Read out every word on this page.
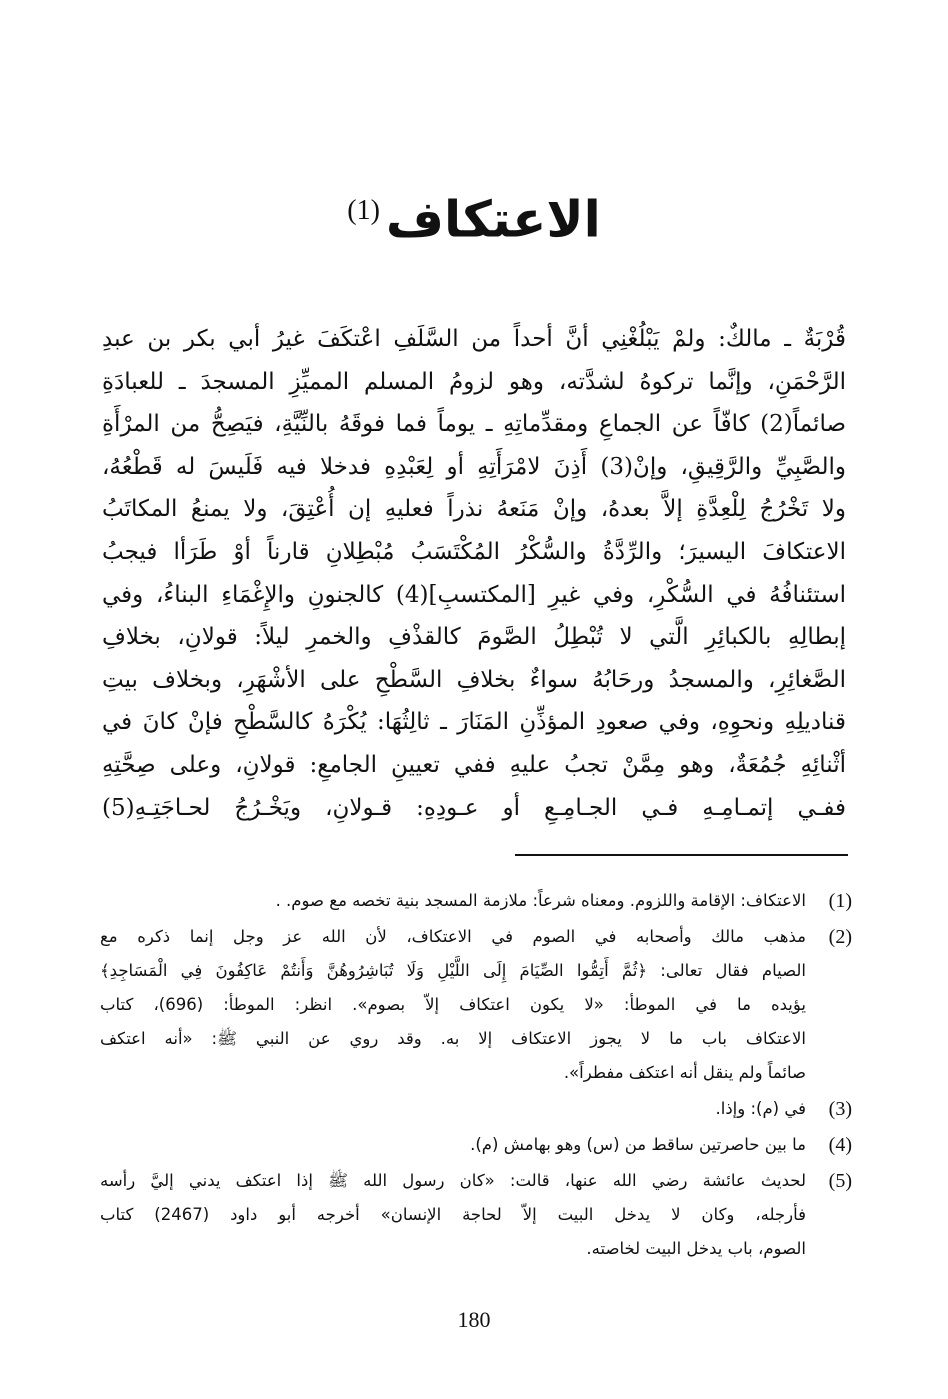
الاعتكاف$^{(1)}$
قُرْبَةٌ ـ مالكٌ: ولمْ يَبْلُغْنِي أنَّ أحداً من السَّلَفِ اعْتكَفَ غيرُ أبي بكر بن عبدِ
الرَّحْمَنِ، وإنَّما تركوهُ لشدَّته، وهو لزومُ المسلم المميِّزِ المسجدَ ـ للعبادَةِ
صائماً(2) كافّاً عن الجماعِ ومقدِّماتِهِ ـ يوماً فما فوقَهُ بالنِّيَّةِ، فيَصِحُّ من المرْأَةِ
والصَّبِيِّ والرَّقِيقِ، وإنْ(3) أَذِنَ لامْرَأَتِهِ أو لِعَبْدِهِ فدخلا فيه فَلَيسَ له قَطْعُهُ،
ولا تَخْرُجُ لِلْعِدَّةِ إلاَّ بعدهُ، وإنْ مَنَعهُ نذراً فعليهِ إن أُعْتِقَ، ولا يمنعُ المكاتَبُ
الاعتكافَ اليسيرَ؛ والرِّدَّةُ والسُّكْرُ المُكْتَسَبُ مُبْطِلانِ قارناً أوْ طَرَأا فيجبُ
استئنافُهُ في السُّكْرِ، وفي غيرِ [المكتسبِ](4) كالجنونِ والإِغْمَاءِ البناءُ، وفي
إبطالِهِ بالكبائِرِ الَّتي لا تُبْطِلُ الصَّومَ كالقذْفِ والخمرِ ليلاً: قولانِ، بخلافِ
الصَّغائِرِ، والمسجدُ ورحَابُهُ سواءٌ بخلافِ السَّطْحِ على الأشْهَرِ، وبخلاف بيتِ
قناديلِهِ ونحوِهِ، وفي صعودِ المؤذِّنِ المَنَارَ ـ ثالِثُهَا: يُكْرَهُ كالسَّطْحِ فإنْ كانَ في
أثْنائِهِ جُمُعَةٌ، وهو مِمَّنْ تجبُ عليهِ ففي تعيينِ الجامعِ: قولانِ، وعلى صِحَّتِهِ
ففـي إتمـامِـهِ فـي الجـامِـعِ أو عـودِهِ: قـولانِ، ويَخْـرُجُ لحـاجَتِـهِ(5)
(1)
الاعتكاف: الإقامة واللزوم. ومعناه شرعاً: ملازمة المسجد بنية تخصه مع صوم. .
(2)
مذهب مالك وأصحابه في الصوم في الاعتكاف، لأن الله عز وجل إنما ذكره مع
الصيام فقال تعالى: ﴿ثُمَّ أَتِمُّوا الصِّيَامَ إِلَى اللَّيْلِ وَلَا تُبَاشِرُوهُنَّ وَأَنتُمْ عَاكِفُونَ فِي الْمَسَاجِدِ﴾
يؤيده ما في الموطأ: «لا يكون اعتكاف إلاّ بصوم». انظر: الموطأ: (696)، كتاب
الاعتكاف باب ما لا يجوز الاعتكاف إلا به. وقد روي عن النبي ﷺ: «أنه اعتكف
صائماً ولم ينقل أنه اعتكف مفطراً».
(3)
في (م): وإذا.
(4)
ما بين حاصرتين ساقط من (س) وهو بهامش (م).
(5)
لحديث عائشة رضي الله عنها، قالت: «كان رسول الله ﷺ إذا اعتكف يدني إليَّ رأسه
فأرجله، وكان لا يدخل البيت إلاّ لحاجة الإنسان» أخرجه أبو داود (2467) كتاب
الصوم، باب يدخل البيت لخاصته.
180
